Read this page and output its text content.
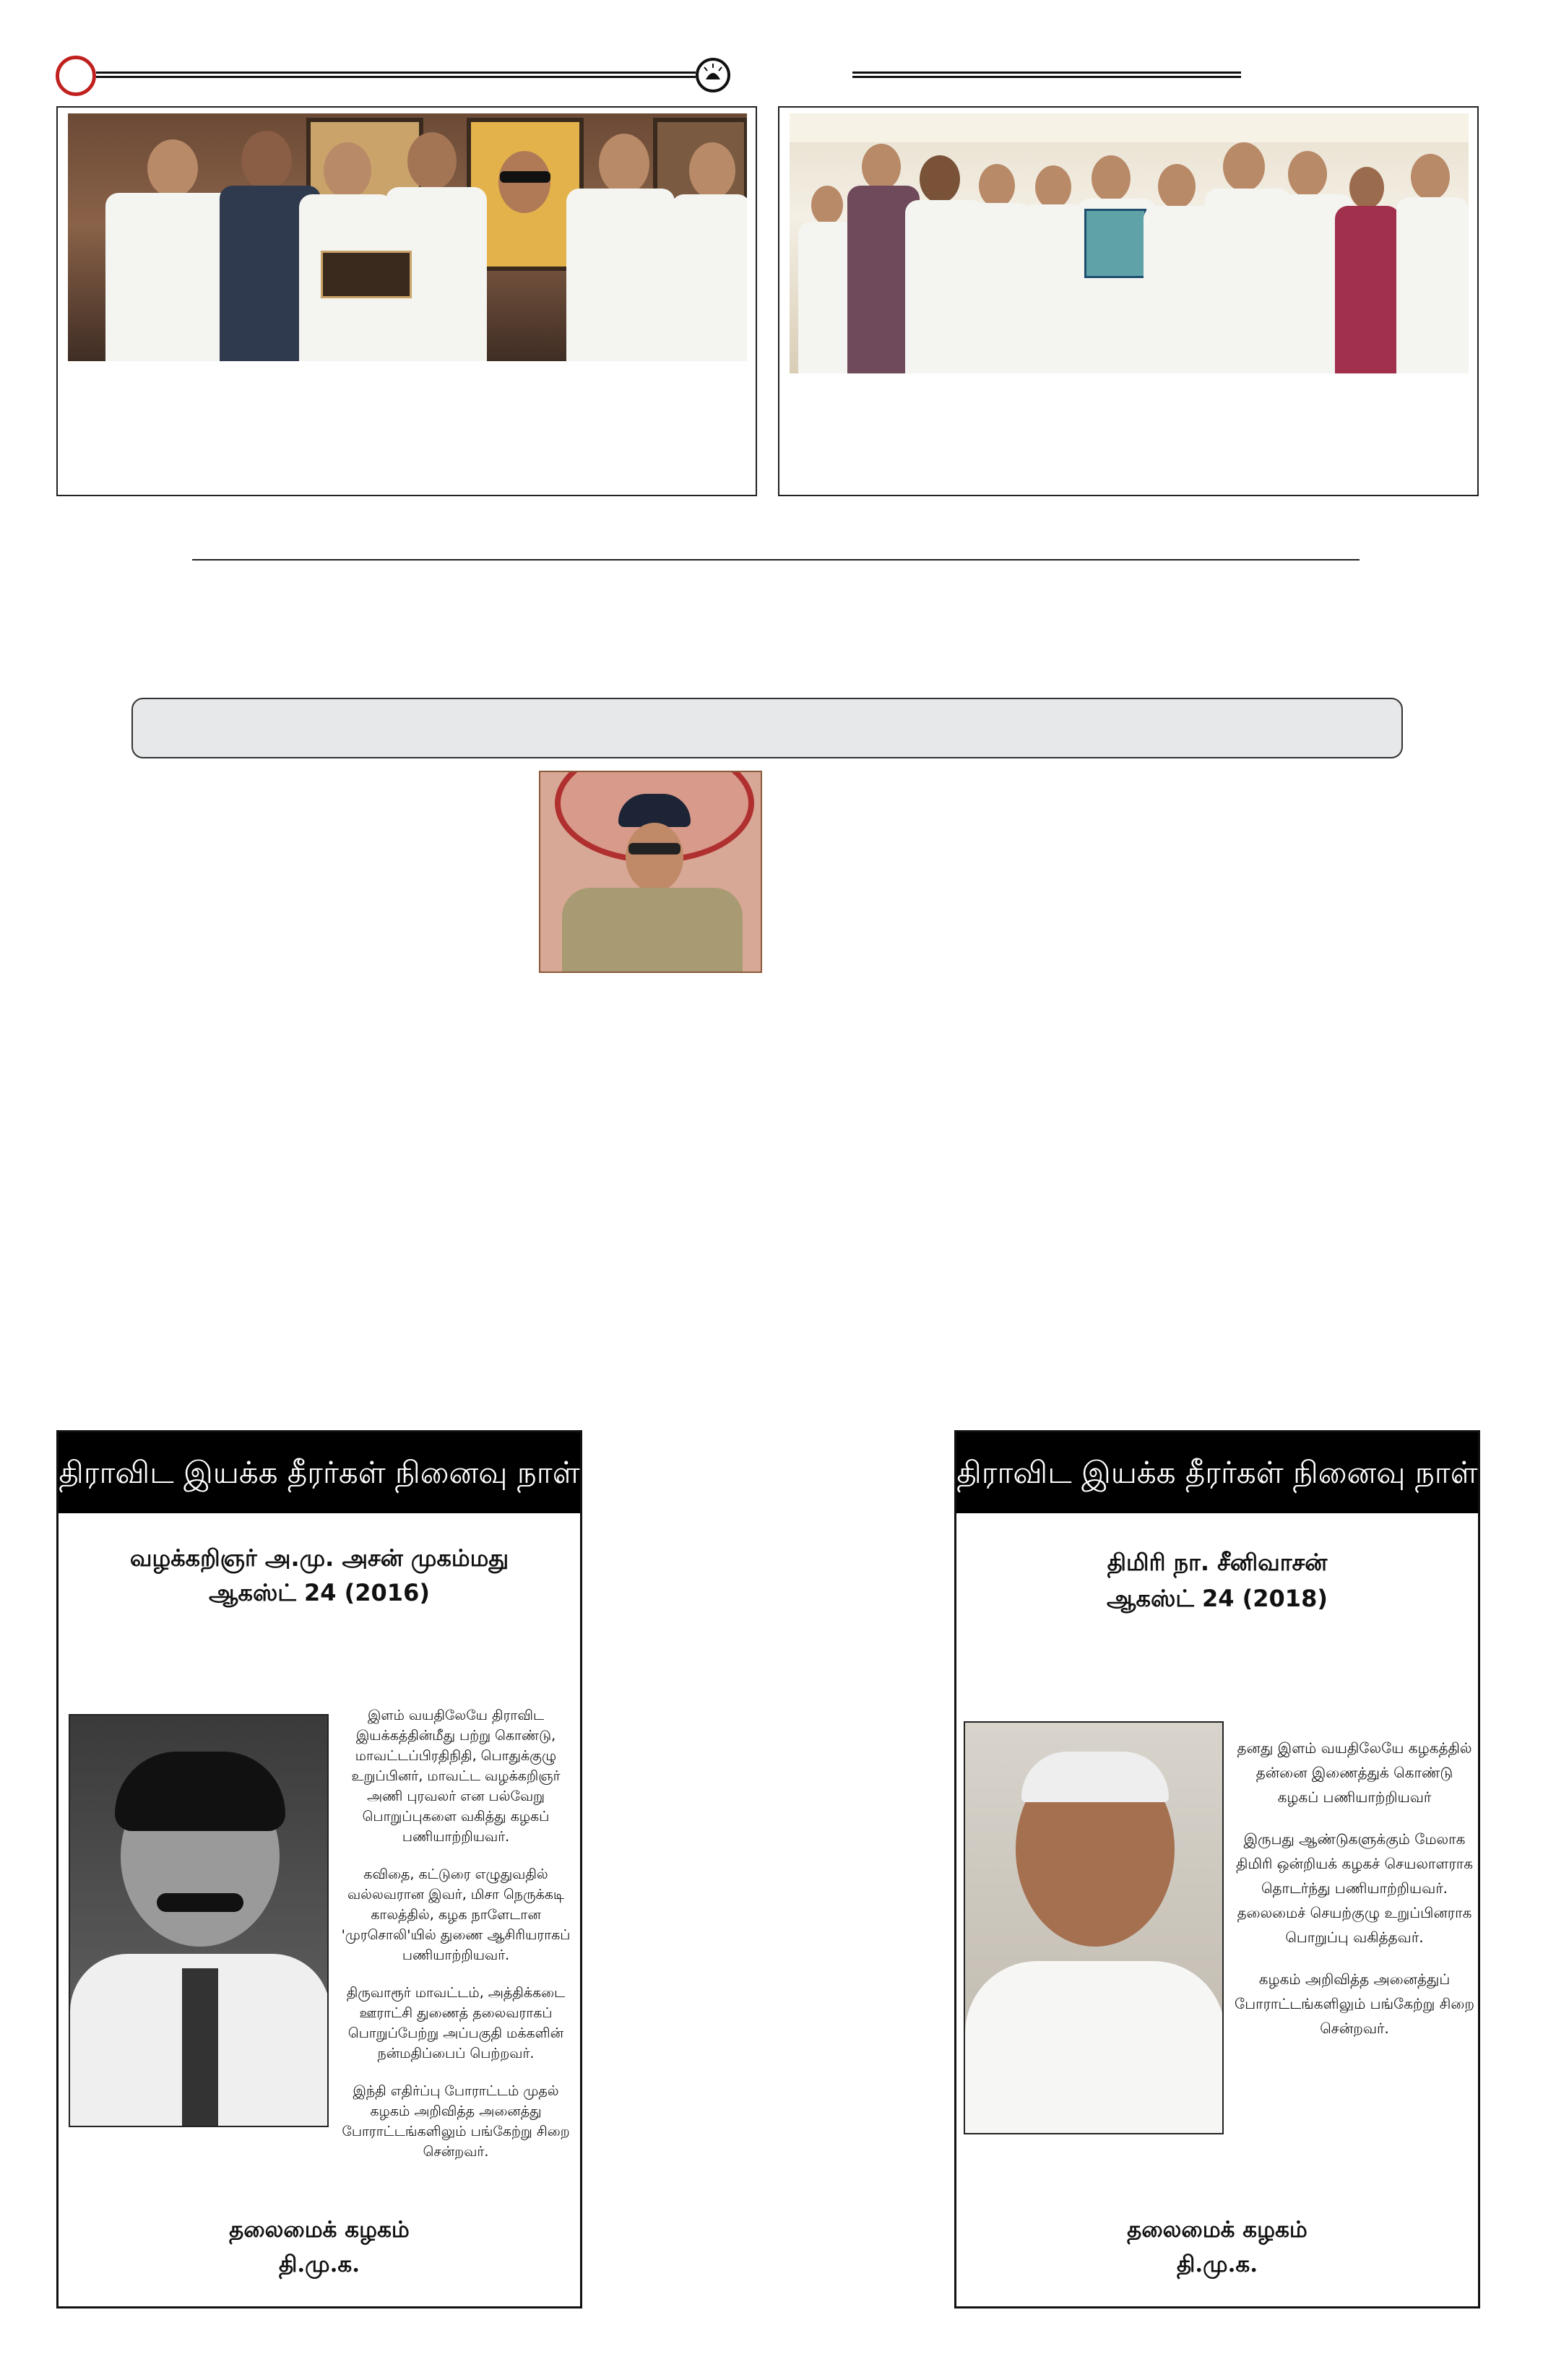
திராவிட இயக்க தீரர்கள் நினைவு நாள்
வழக்கறிஞர் அ.மு. அசன் முகம்மது
ஆகஸ்ட் 24 (2016)

இளம் வயதிலேயே திராவிட இயக்கத்தின்மீது பற்று கொண்டு, மாவட்டப்பிரதிநிதி, பொதுக்குழு உறுப்பினர், மாவட்ட வழக்கறிஞர் அணி புரவலர் என பல்வேறு பொறுப்புகளை வகித்து கழகப் பணியாற்றியவர்.

கவிதை, கட்டுரை எழுதுவதில் வல்லவரான இவர், மிசா நெருக்கடி காலத்தில், கழக நாளேடான 'முரசொலி'யில் துணை ஆசிரியராகப் பணியாற்றியவர்.

திருவாரூர் மாவட்டம், அத்திக்கடை ஊராட்சி துணைத் தலைவராகப் பொறுப்பேற்று அப்பகுதி மக்களின் நன்மதிப்பைப் பெற்றவர்.

இந்தி எதிர்ப்பு போராட்டம் முதல் கழகம் அறிவித்த அனைத்து போராட்டங்களிலும் பங்கேற்று சிறை சென்றவர்.

தலைமைக் கழகம்
தி.மு.க.
திராவிட இயக்க தீரர்கள் நினைவு நாள்
திமிரி நா. சீனிவாசன்
ஆகஸ்ட் 24 (2018)

தனது இளம் வயதிலேயே கழகத்தில் தன்னை இணைத்துக் கொண்டு கழகப் பணியாற்றியவர்

இருபது ஆண்டுகளுக்கும் மேலாக திமிரி ஒன்றியக் கழகச் செயலாளராக தொடர்ந்து பணியாற்றியவர். தலைமைச் செயற்குழு உறுப்பினராக பொறுப்பு வகித்தவர்.

கழகம் அறிவித்த அனைத்துப் போராட்டங்களிலும் பங்கேற்று சிறை சென்றவர்.

தலைமைக் கழகம்
தி.மு.க.
